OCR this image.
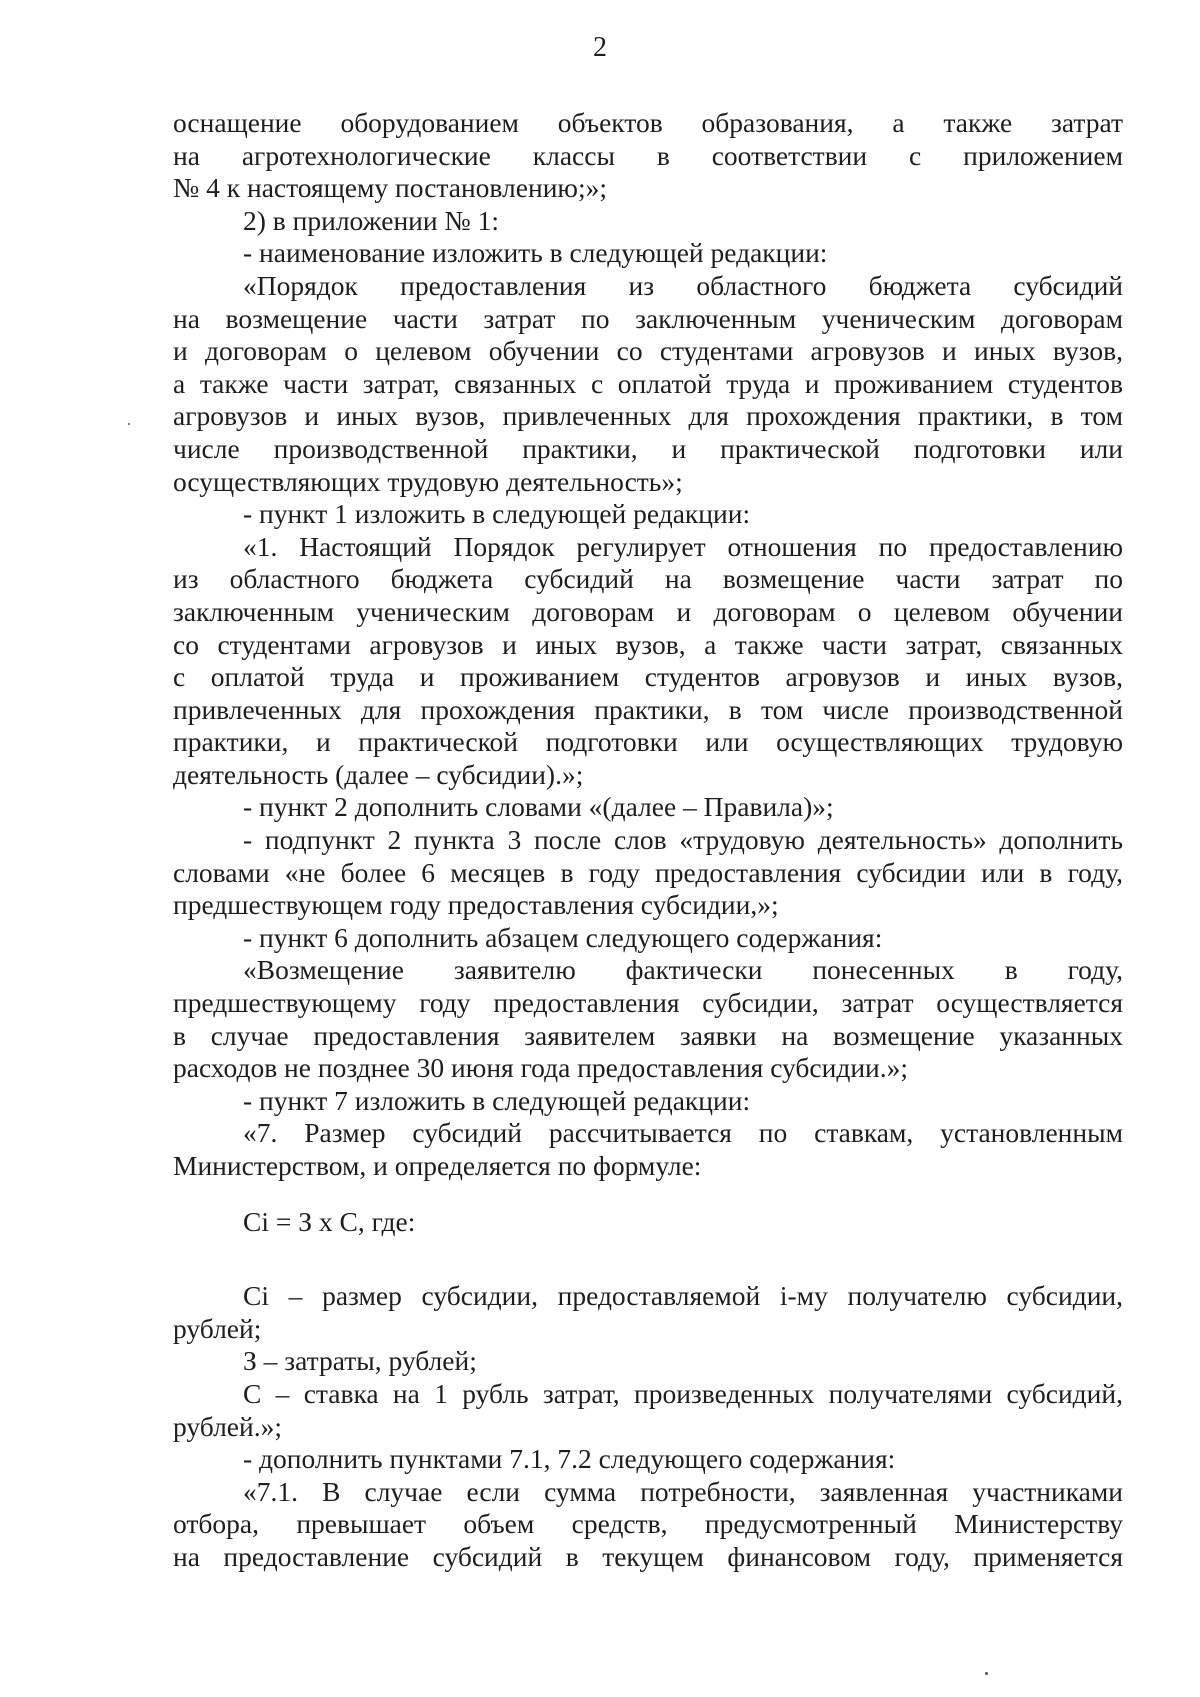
2
оснащение оборудованием объектов образования, а также затрат
на агротехнологические классы в соответствии с приложением
№ 4 к настоящему постановлению;»;
2) в приложении № 1:
- наименование изложить в следующей редакции:
«Порядок предоставления из областного бюджета субсидий
на возмещение части затрат по заключенным ученическим договорам
и договорам о целевом обучении со студентами агровузов и иных вузов,
а также части затрат, связанных с оплатой труда и проживанием студентов
агровузов и иных вузов, привлеченных для прохождения практики, в том
числе производственной практики, и практической подготовки или
осуществляющих трудовую деятельность»;
- пункт 1 изложить в следующей редакции:
«1. Настоящий Порядок регулирует отношения по предоставлению
из областного бюджета субсидий на возмещение части затрат по
заключенным ученическим договорам и договорам о целевом обучении
со студентами агровузов и иных вузов, а также части затрат, связанных
с оплатой труда и проживанием студентов агровузов и иных вузов,
привлеченных для прохождения практики, в том числе производственной
практики, и практической подготовки или осуществляющих трудовую
деятельность (далее – субсидии).»;
- пункт 2 дополнить словами «(далее – Правила)»;
- подпункт 2 пункта 3 после слов «трудовую деятельность» дополнить
словами «не более 6 месяцев в году предоставления субсидии или в году,
предшествующем году предоставления субсидии,»;
- пункт 6 дополнить абзацем следующего содержания:
«Возмещение заявителю фактически понесенных в году,
предшествующему году предоставления субсидии, затрат осуществляется
в случае предоставления заявителем заявки на возмещение указанных
расходов не позднее 30 июня года предоставления субсидии.»;
- пункт 7 изложить в следующей редакции:
«7. Размер субсидий рассчитывается по ставкам, установленным
Министерством, и определяется по формуле:
Ci = З х С, где:
Ci – размер субсидии, предоставляемой i-му получателю субсидии,
рублей;
З – затраты, рублей;
С – ставка на 1 рубль затрат, произведенных получателями субсидий,
рублей.»;
- дополнить пунктами 7.1, 7.2 следующего содержания:
«7.1. В случае если сумма потребности, заявленная участниками
отбора, превышает объем средств, предусмотренный Министерству
на предоставление субсидий в текущем финансовом году, применяется
